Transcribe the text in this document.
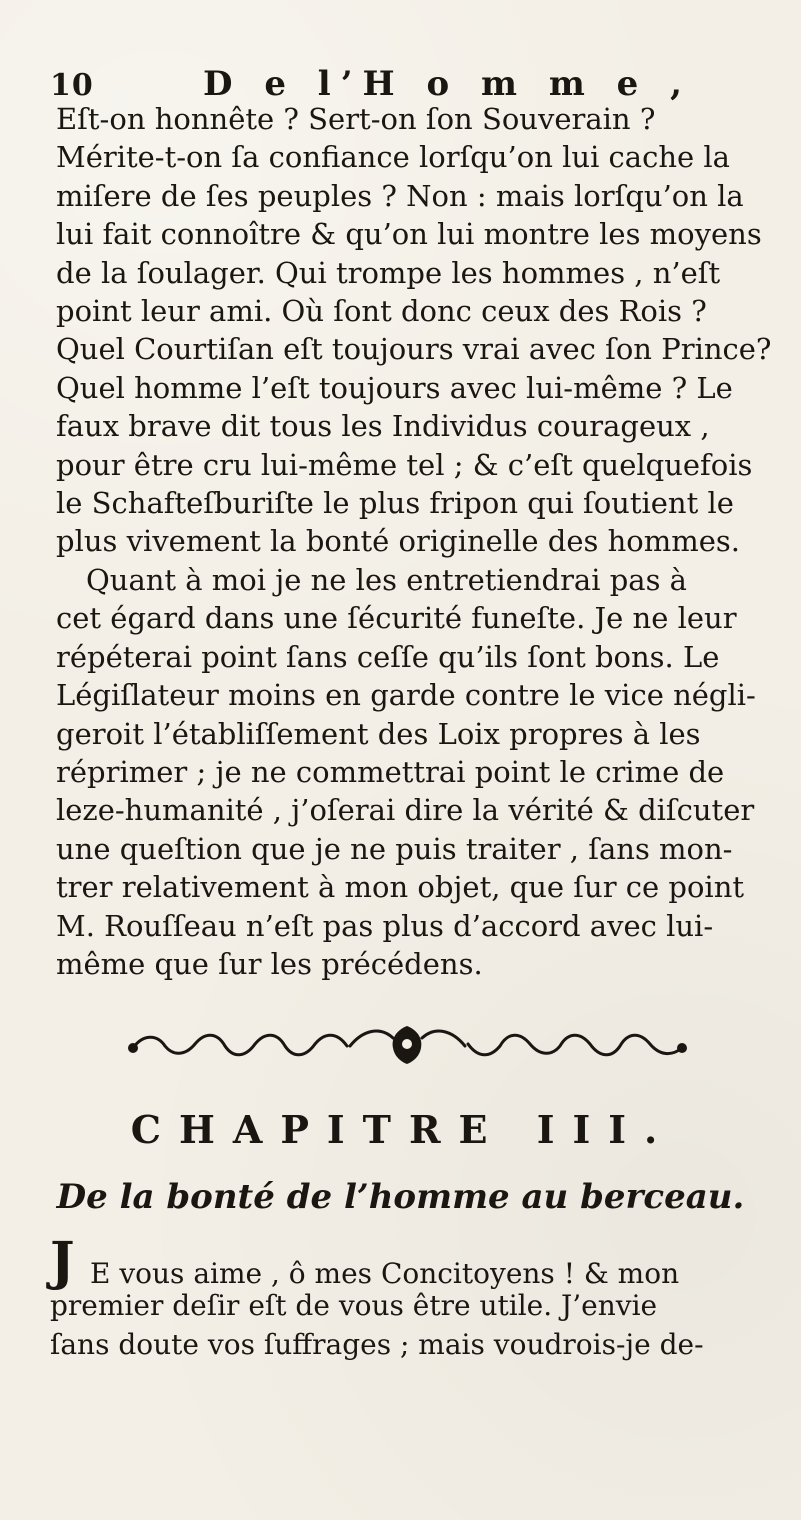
10	D e l’H o m m e ,
Eſt-on honnête ? Sert-on ſon Souverain ?
Mérite-t-on ſa confiance lorſqu’on lui cache la
miſere de ſes peuples ? Non : mais lorſqu’on la
lui fait connoître & qu’on lui montre les moyens
de la ſoulager. Qui trompe les hommes , n’eſt
point leur ami. Où ſont donc ceux des Rois ?
Quel Courtiſan eſt toujours vrai avec ſon Prince?
Quel homme l’eſt toujours avec lui-même ? Le
faux brave dit tous les Individus courageux ,
pour être cru lui-même tel ; & c’eſt quelquefois
le Schafteſburiſte le plus fripon qui ſoutient le
plus vivement la bonté originelle des hommes.
Quant à moi je ne les entretiendrai pas à
cet égard dans une ſécurité funeſte. Je ne leur
répéterai point ſans ceſſe qu’ils ſont bons. Le
Légiſlateur moins en garde contre le vice négli-
geroit l’établiſſement des Loix propres à les
réprimer ; je ne commettrai point le crime de
leze-humanité , j’oſerai dire la vérité & diſcuter
une queſtion que je ne puis traiter , ſans mon-
trer relativement à mon objet, que ſur ce point
M. Rouſſeau n’eſt pas plus d’accord avec lui-
même que ſur les précédens.
CHAPITRE III.
De la bonté de l’homme au berceau.
J E vous aime , ô mes Concitoyens ! & mon
premier deſir eſt de vous être utile. J’envie
ſans doute vos ſuffrages ; mais voudrois-je de-
